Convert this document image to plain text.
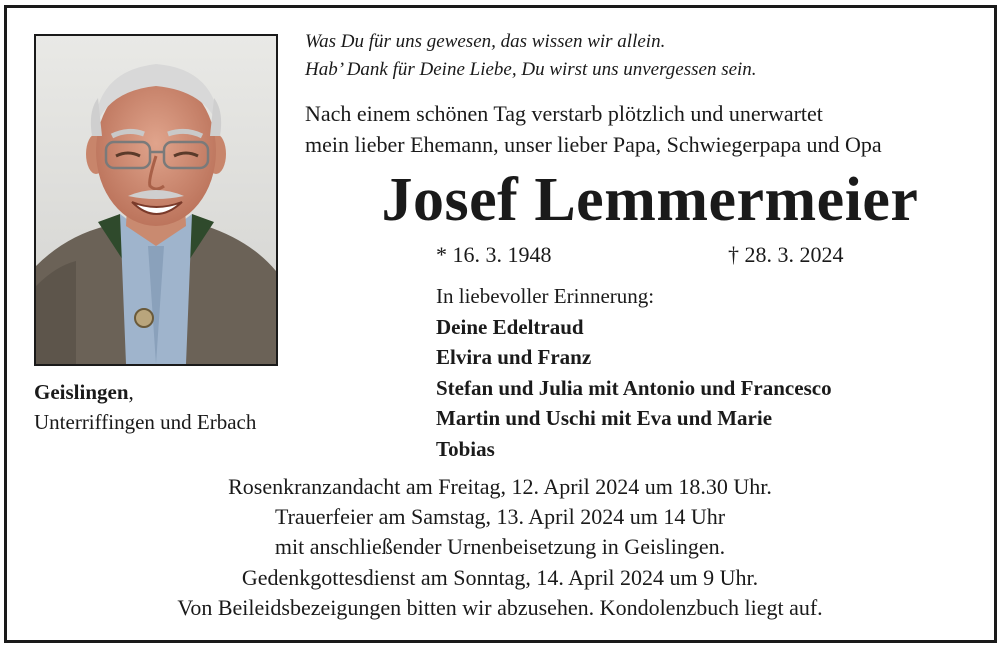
Geislingen,
Unterriffingen und Erbach
Was Du für uns gewesen, das wissen wir allein.
Hab’ Dank für Deine Liebe, Du wirst uns unvergessen sein.
Nach einem schönen Tag verstarb plötzlich und unerwartet
mein lieber Ehemann, unser lieber Papa, Schwiegerpapa und Opa
Josef Lemmermeier
* 16. 3. 1948	† 28. 3. 2024
In liebevoller Erinnerung:
Deine Edeltraud
Elvira und Franz
Stefan und Julia mit Antonio und Francesco
Martin und Uschi mit Eva und Marie
Tobias
Rosenkranzandacht am Freitag, 12. April 2024 um 18.30 Uhr.
Trauerfeier am Samstag, 13. April 2024 um 14 Uhr
mit anschließender Urnenbeisetzung in Geislingen.
Gedenkgottesdienst am Sonntag, 14. April 2024 um 9 Uhr.
Von Beileidsbezeigungen bitten wir abzusehen. Kondolenzbuch liegt auf.
